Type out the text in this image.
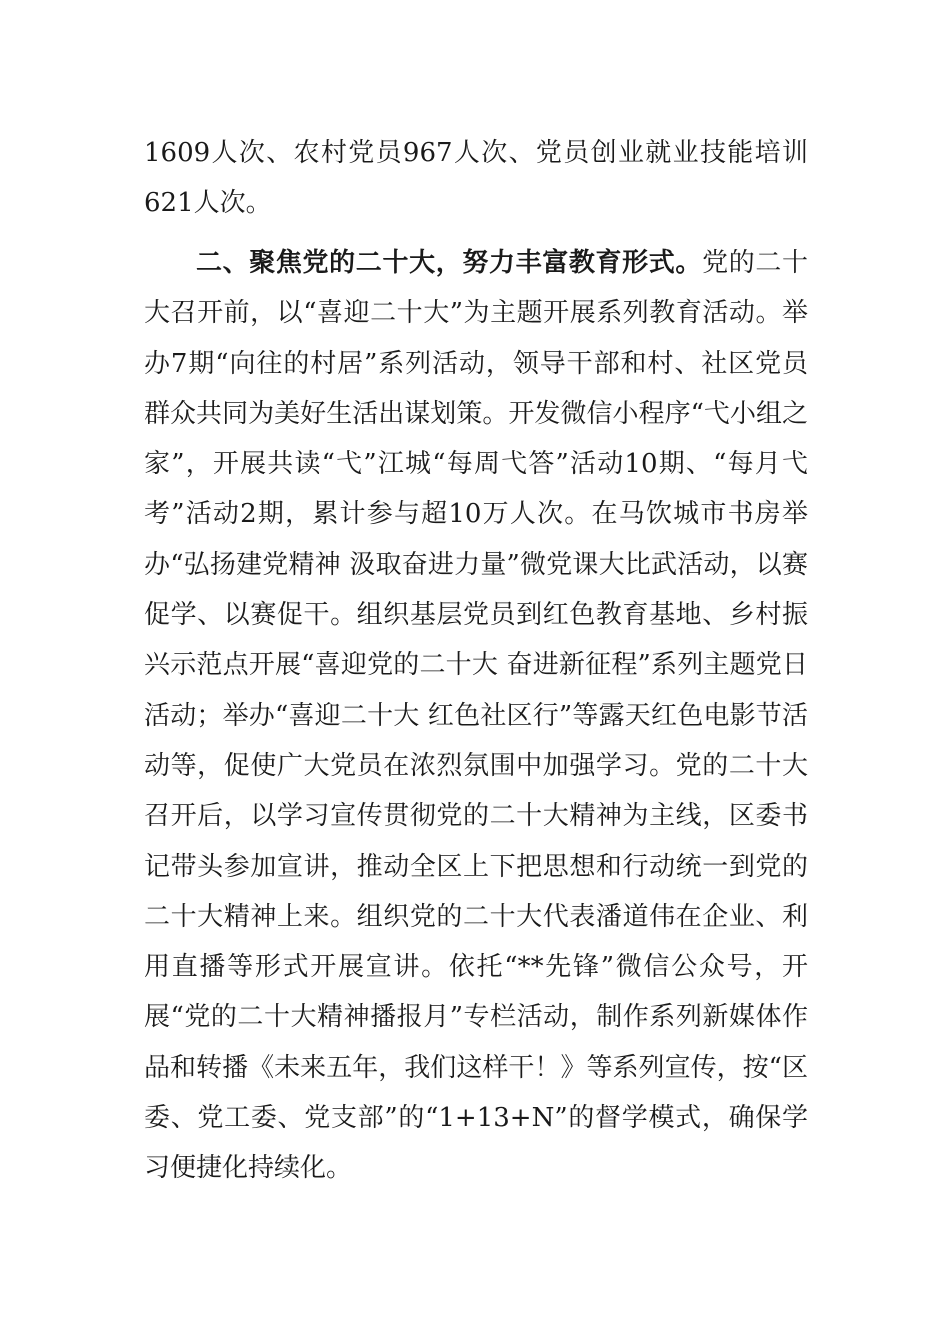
1609人次、农村党员967人次、党员创业就业技能培训621人次。

二、聚焦党的二十大，努力丰富教育形式。党的二十大召开前，以“喜迎二十大”为主题开展系列教育活动。举办7期“向往的村居”系列活动，领导干部和村、社区党员群众共同为美好生活出谋划策。开发微信小程序“弋小组之家”，开展共读“弋”江城“每周弋答”活动10期、“每月弋考”活动2期，累计参与超10万人次。在马饮城市书房举办“弘扬建党精神 汲取奋进力量”微党课大比武活动，以赛促学、以赛促干。组织基层党员到红色教育基地、乡村振兴示范点开展“喜迎党的二十大 奋进新征程”系列主题党日活动；举办“喜迎二十大 红色社区行”等露天红色电影节活动等，促使广大党员在浓烈氛围中加强学习。党的二十大召开后，以学习宣传贯彻党的二十大精神为主线，区委书记带头参加宣讲，推动全区上下把思想和行动统一到党的二十大精神上来。组织党的二十大代表潘道伟在企业、利用直播等形式开展宣讲。依托“**先锋”微信公众号，开展“党的二十大精神播报月”专栏活动，制作系列新媒体作品和转播《未来五年，我们这样干！》等系列宣传，按“区委、党工委、党支部”的“1+13+N”的督学模式，确保学习便捷化持续化。
